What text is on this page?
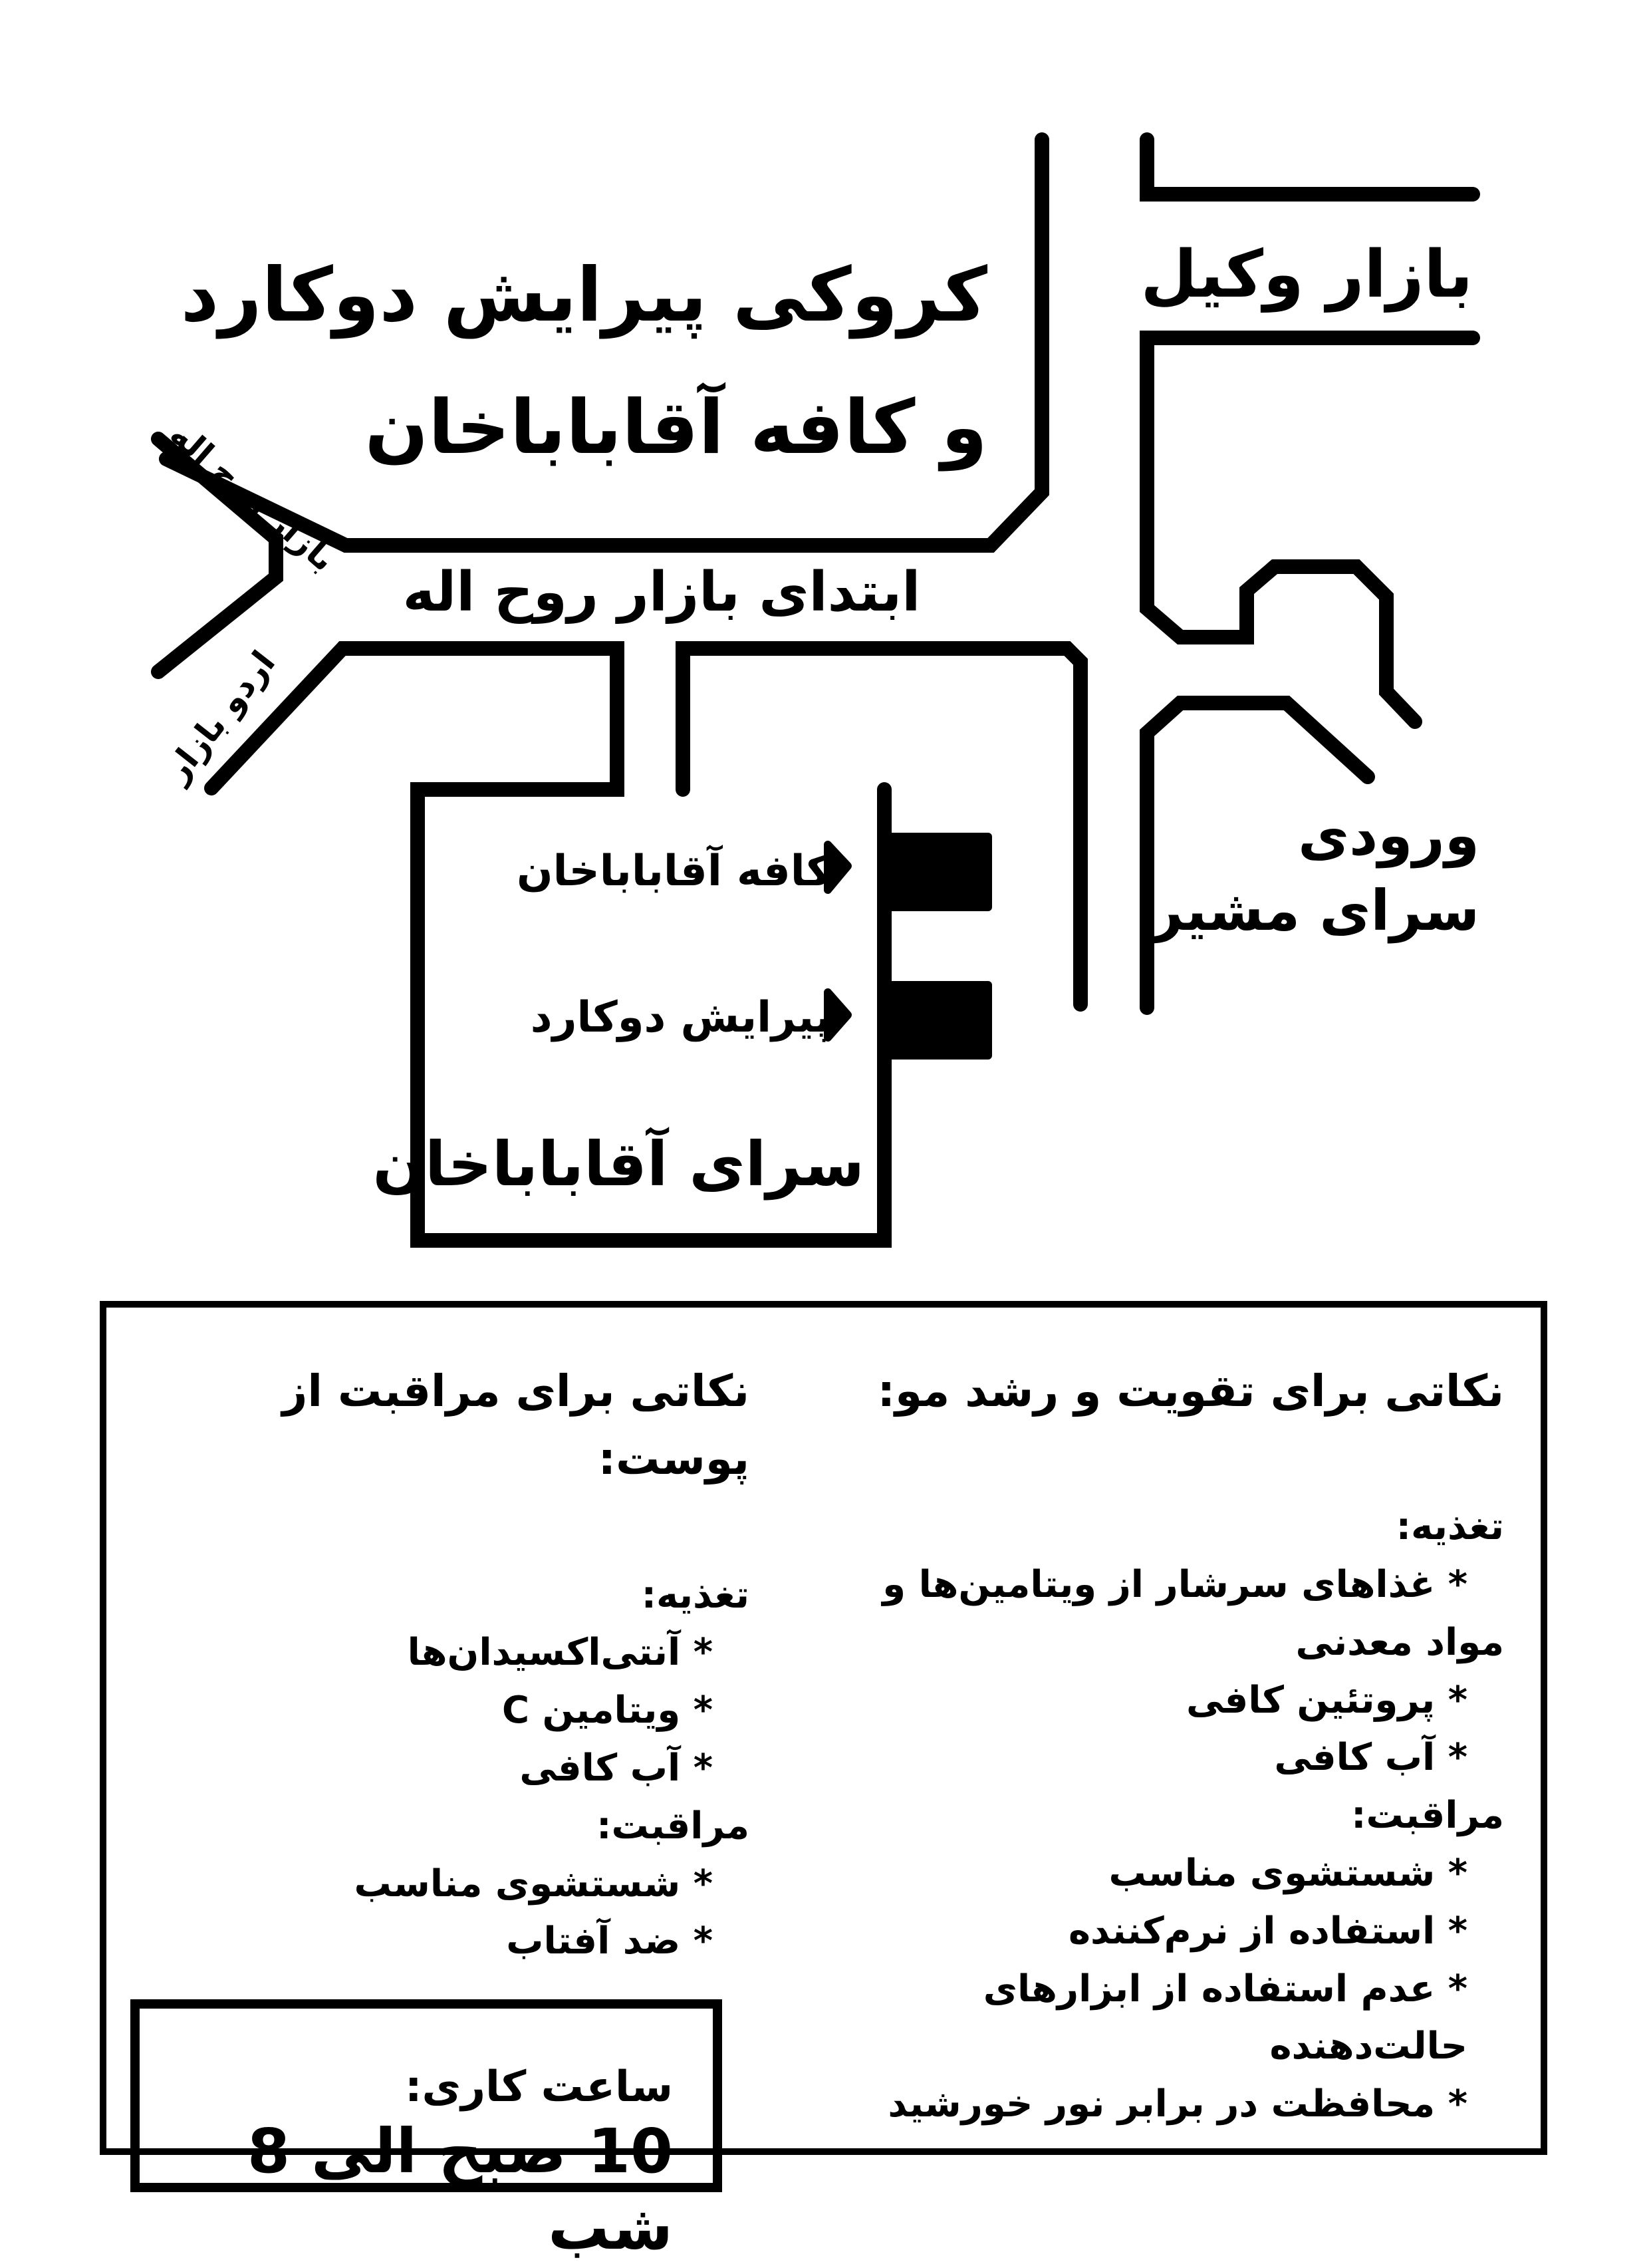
کروکی پیرایش دوکارد
و کافه آقاباباخان
بازار وکیل
ابتدای بازار روح اله
بازار روح اله
اردو بازار
ورودی
سرای مشیر
کافه آقاباباخان
پیرایش دوکارد
سرای آقاباباخان
نکاتی برای تقویت و رشد مو:
تغذیه:
* غذاهای سرشار از ویتامین‌ها و
مواد معدنی
* پروتئین کافی
* آب کافی
مراقبت:
* شستشوی مناسب
* استفاده از نرم‌کننده
* عدم استفاده از ابزارهای حالت‌دهنده
* محافظت در برابر نور خورشید
نکاتی برای مراقبت از پوست:
تغذیه:
* آنتی‌اکسیدان‌ها
* ویتامین C
* آب کافی
مراقبت:
* شستشوی مناسب
* ضد آفتاب
ساعت کاری:
10 صبح الی 8 شب
